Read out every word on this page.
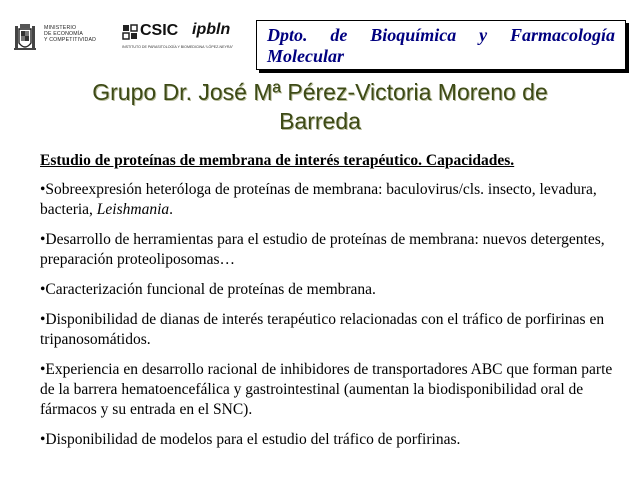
MINISTERIO
DE ECONOMÍA
Y COMPETITIVIDAD
CSIC ipbln
INSTITUTO DE PARASITOLOGÍA Y BIOMEDICINA “LÓPEZ-NEYRA”
Dpto. de Bioquímica y Farmacología
Molecular
Grupo Dr. José Mª Pérez-Victoria Moreno de
Barreda
Estudio de proteínas de membrana de interés terapéutico. Capacidades.
•Sobreexpresión heteróloga de proteínas de membrana: baculovirus/cls. insecto, levadura, bacteria, Leishmania.
•Desarrollo de herramientas para el estudio de proteínas de membrana: nuevos detergentes, preparación proteoliposomas…
•Caracterización funcional de proteínas de membrana.
•Disponibilidad de dianas de interés terapéutico relacionadas con el tráfico de porfirinas en tripanosomátidos.
•Experiencia en desarrollo racional de inhibidores de transportadores ABC que forman parte de la barrera hematoencefálica y gastrointestinal (aumentan la biodisponibilidad oral de fármacos y su entrada en el SNC).
•Disponibilidad de modelos para el estudio del tráfico de porfirinas.
